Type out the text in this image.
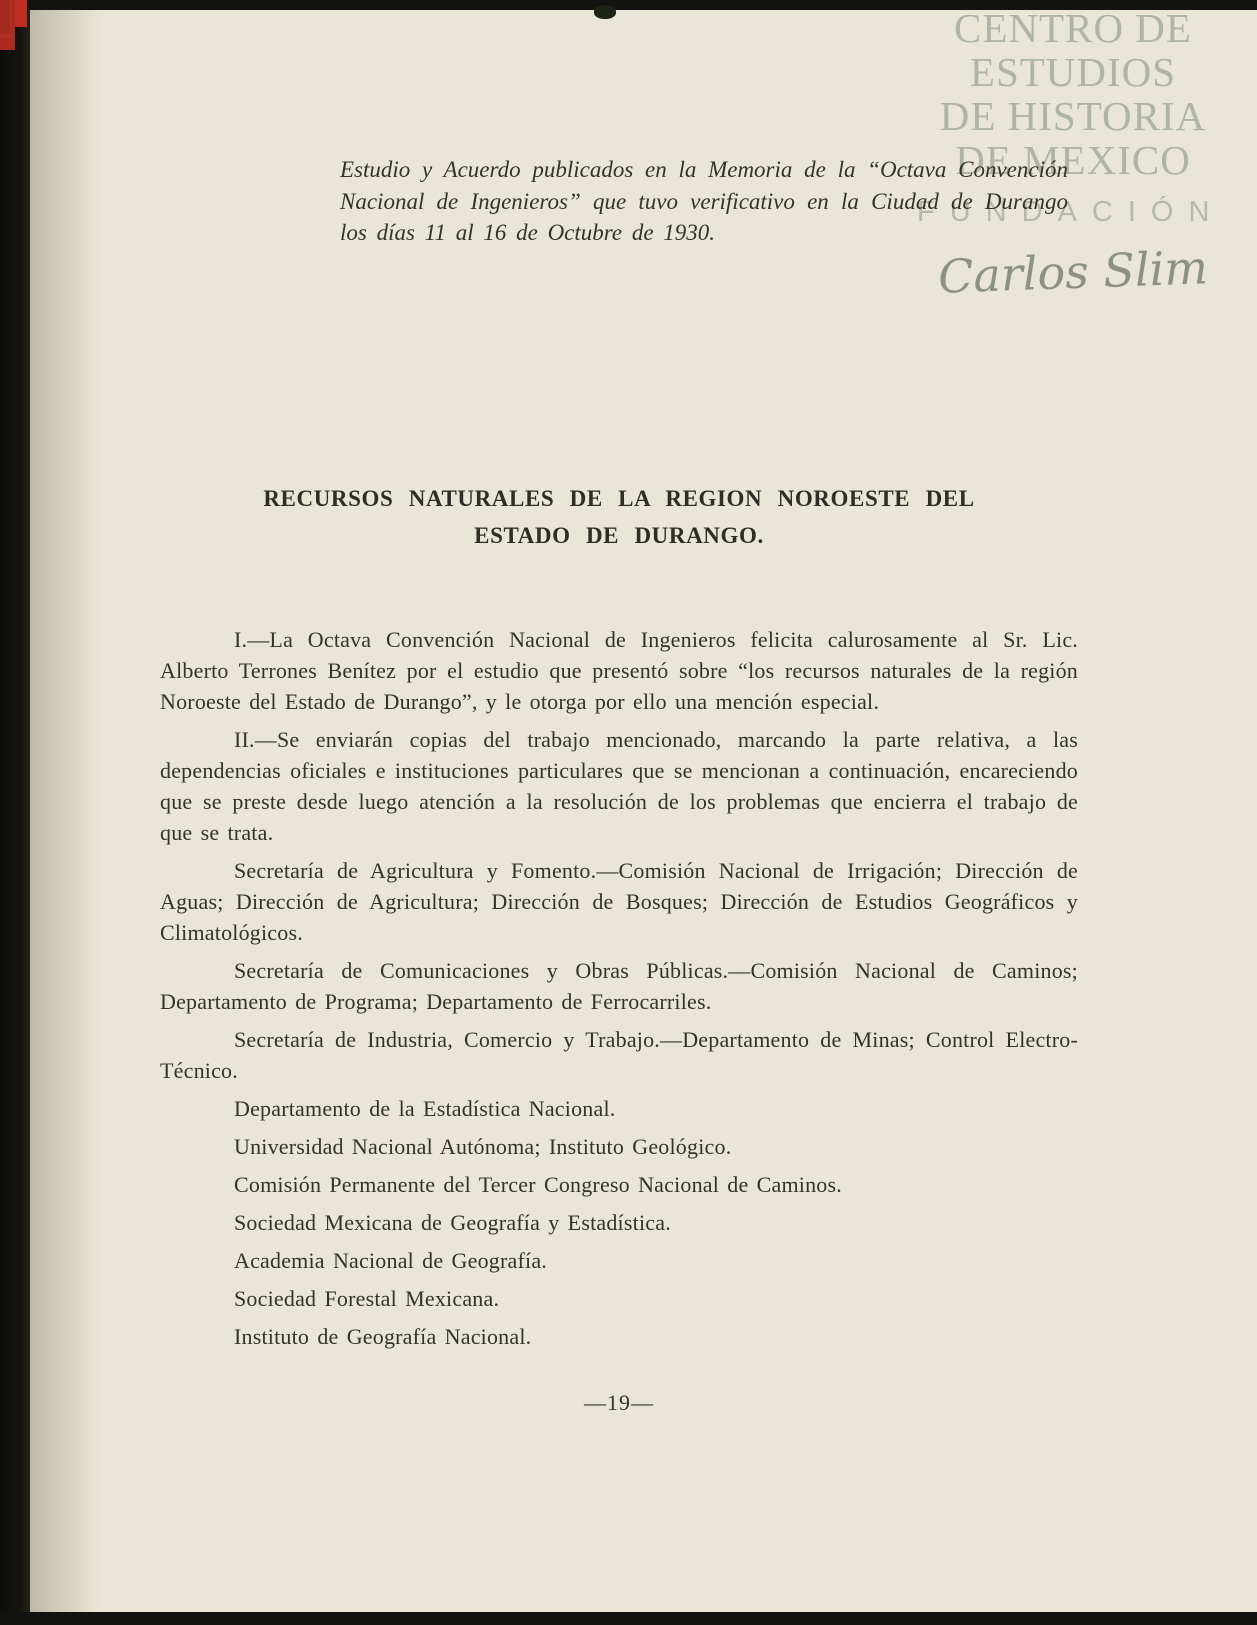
CENTRO DE
ESTUDIOS
DE HISTORIA
DE MEXICO
FUNDACIÓN
Carlos Slim
Estudio y Acuerdo publicados en la Memoria de la “Octava Convención Nacional de Ingenieros” que tuvo verificativo en la Ciudad de Durango los días 11 al 16 de Octubre de 1930.
RECURSOS NATURALES DE LA REGION NOROESTE DEL
ESTADO DE DURANGO.

I.—La Octava Convención Nacional de Ingenieros felicita calurosamente al Sr. Lic. Alberto Terrones Benítez por el estudio que presentó sobre “los recursos naturales de la región Noroeste del Estado de Durango”, y le otorga por ello una mención especial.

II.—Se enviarán copias del trabajo mencionado, marcando la parte relativa, a las dependencias oficiales e instituciones particulares que se mencionan a continuación, encareciendo que se preste desde luego atención a la resolución de los problemas que encierra el trabajo de que se trata.

Secretaría de Agricultura y Fomento.—Comisión Nacional de Irrigación; Dirección de Aguas; Dirección de Agricultura; Dirección de Bosques; Dirección de Estudios Geográficos y Climatológicos.

Secretaría de Comunicaciones y Obras Públicas.—Comisión Nacional de Caminos; Departamento de Programa; Departamento de Ferrocarriles.

Secretaría de Industria, Comercio y Trabajo.—Departamento de Minas; Control Electro-Técnico.

Departamento de la Estadística Nacional.

Universidad Nacional Autónoma; Instituto Geológico.

Comisión Permanente del Tercer Congreso Nacional de Caminos.

Sociedad Mexicana de Geografía y Estadística.

Academia Nacional de Geografía.

Sociedad Forestal Mexicana.

Instituto de Geografía Nacional.

—19—
